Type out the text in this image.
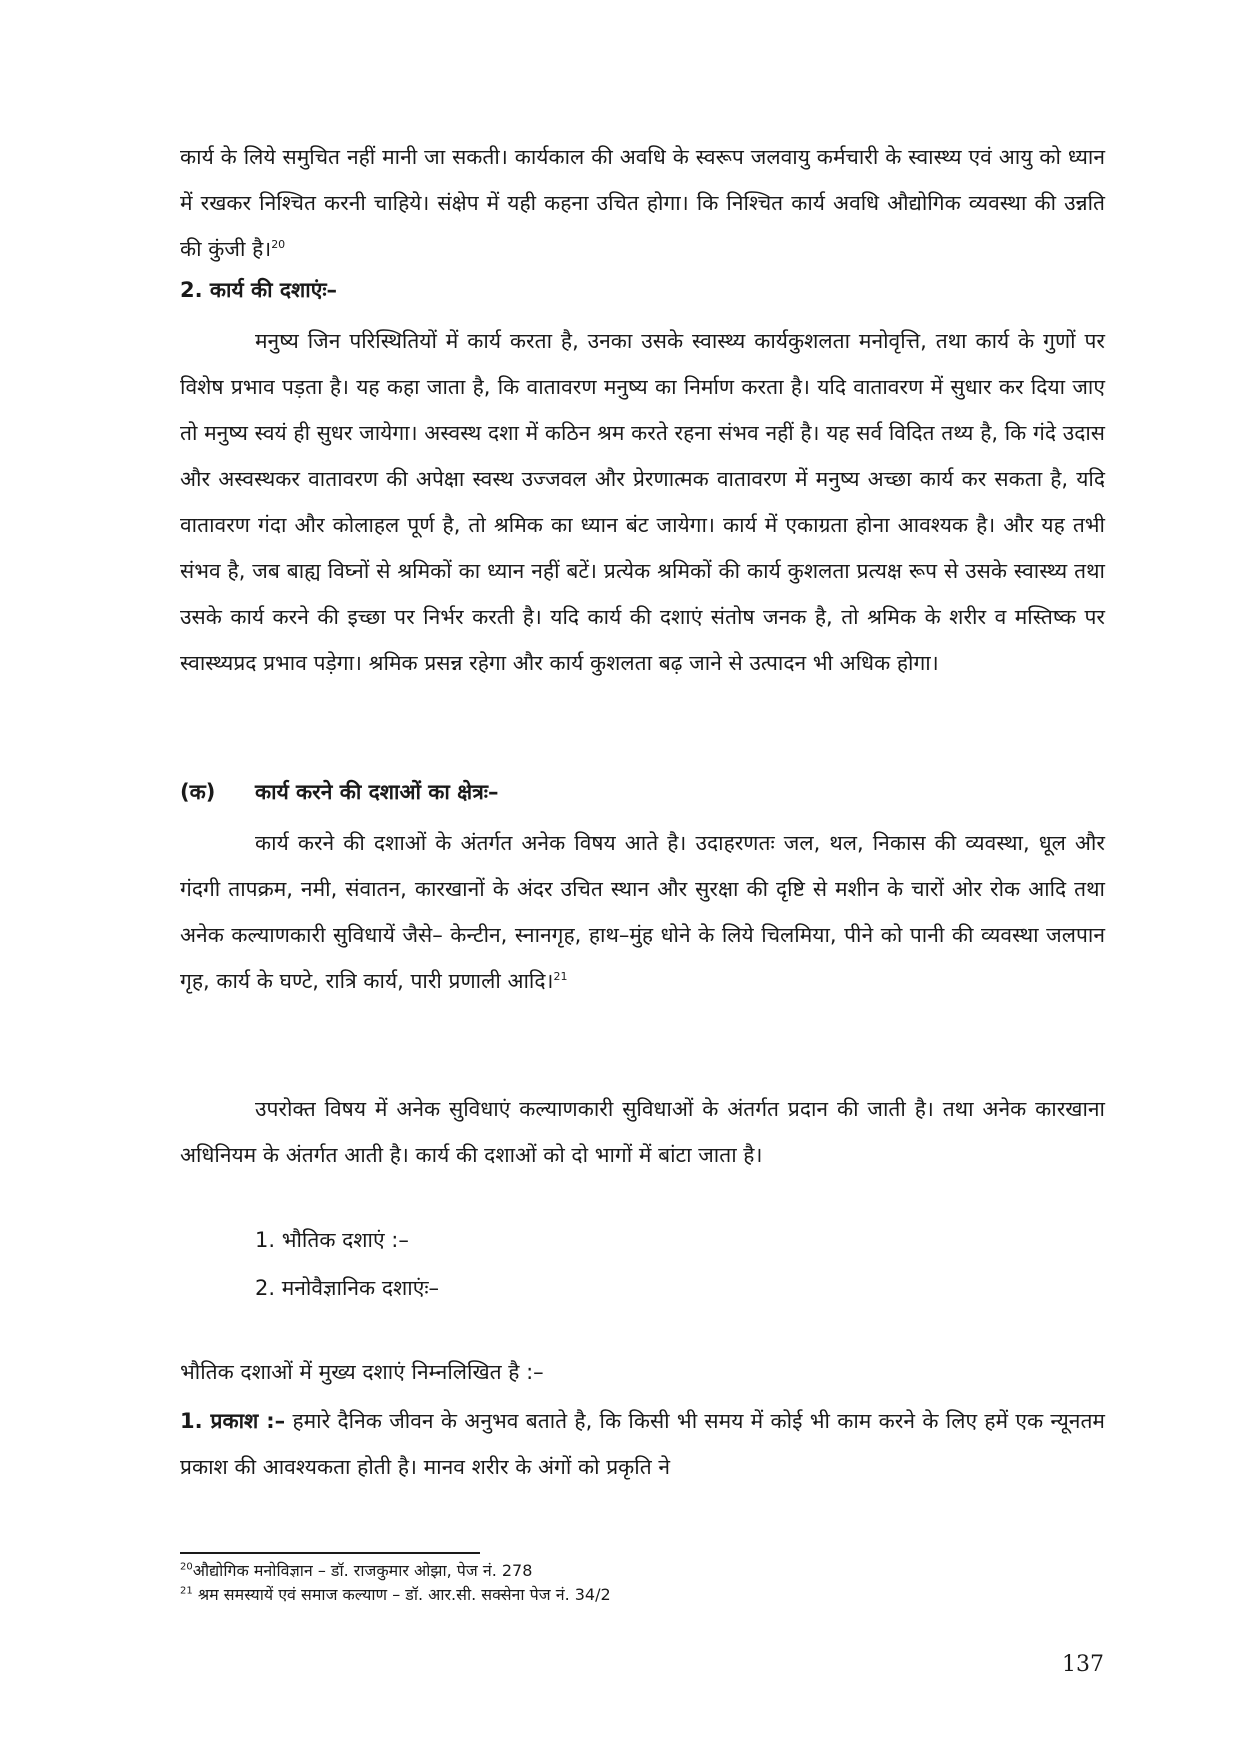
कार्य के लिये समुचित नहीं मानी जा सकती। कार्यकाल की अवधि के स्वरूप जलवायु कर्मचारी के स्वास्थ्य एवं आयु को ध्यान में रखकर निश्चित करनी चाहिये। संक्षेप में यही कहना उचित होगा। कि निश्चित कार्य अवधि औद्योगिक व्यवस्था की उन्नति की कुंजी है।$^{20}$

2. कार्य की दशाएंः–

मनुष्य जिन परिस्थितियों में कार्य करता है, उनका उसके स्वास्थ्य कार्यकुशलता मनोवृत्ति, तथा कार्य के गुणों पर विशेष प्रभाव पड़ता है। यह कहा जाता है, कि वातावरण मनुष्य का निर्माण करता है। यदि वातावरण में सुधार कर दिया जाए तो मनुष्य स्वयं ही सुधर जायेगा। अस्वस्थ दशा में कठिन श्रम करते रहना संभव नहीं है। यह सर्व विदित तथ्य है, कि गंदे उदास और अस्वस्थकर वातावरण की अपेक्षा स्वस्थ उज्जवल और प्रेरणात्मक वातावरण में मनुष्य अच्छा कार्य कर सकता है, यदि वातावरण गंदा और कोलाहल पूर्ण है, तो श्रमिक का ध्यान बंट जायेगा। कार्य में एकाग्रता होना आवश्यक है। और यह तभी संभव है, जब बाह्य विघ्नों से श्रमिकों का ध्यान नहीं बटें। प्रत्येक श्रमिकों की कार्य कुशलता प्रत्यक्ष रूप से उसके स्वास्थ्य तथा उसके कार्य करने की इच्छा पर निर्भर करती है। यदि कार्य की दशाएं संतोष जनक है, तो श्रमिक के शरीर व मस्तिष्क पर स्वास्थ्यप्रद प्रभाव पड़ेगा। श्रमिक प्रसन्न रहेगा और कार्य कुशलता बढ़ जाने से उत्पादन भी अधिक होगा।

(क) कार्य करने की दशाओं का क्षेत्रः–

कार्य करने की दशाओं के अंतर्गत अनेक विषय आते है। उदाहरणतः जल, थल, निकास की व्यवस्था, धूल और गंदगी तापक्रम, नमी, संवातन, कारखानों के अंदर उचित स्थान और सुरक्षा की दृष्टि से मशीन के चारों ओर रोक आदि तथा अनेक कल्याणकारी सुविधायें जैसे– केन्टीन, स्नानगृह, हाथ–मुंह धोने के लिये चिलमिया, पीने को पानी की व्यवस्था जलपान गृह, कार्य के घण्टे, रात्रि कार्य, पारी प्रणाली आदि।$^{21}$

उपरोक्त विषय में अनेक सुविधाएं कल्याणकारी सुविधाओं के अंतर्गत प्रदान की जाती है। तथा अनेक कारखाना अधिनियम के अंतर्गत आती है। कार्य की दशाओं को दो भागों में बांटा जाता है।

1. भौतिक दशाएं :–

2. मनोवैज्ञानिक दशाएंः–

भौतिक दशाओं में मुख्य दशाएं निम्नलिखित है :–

1. प्रकाश :– हमारे दैनिक जीवन के अनुभव बताते है, कि किसी भी समय में कोई भी काम करने के लिए हमें एक न्यूनतम प्रकाश की आवश्यकता होती है। मानव शरीर के अंगों को प्रकृति ने

$^{20}$औद्योगिक मनोविज्ञान – डॉ. राजकुमार ओझा, पेज नं. 278

$^{21}$ श्रम समस्यायें एवं समाज कल्याण – डॉ. आर.सी. सक्सेना पेज नं. 34/2

137
